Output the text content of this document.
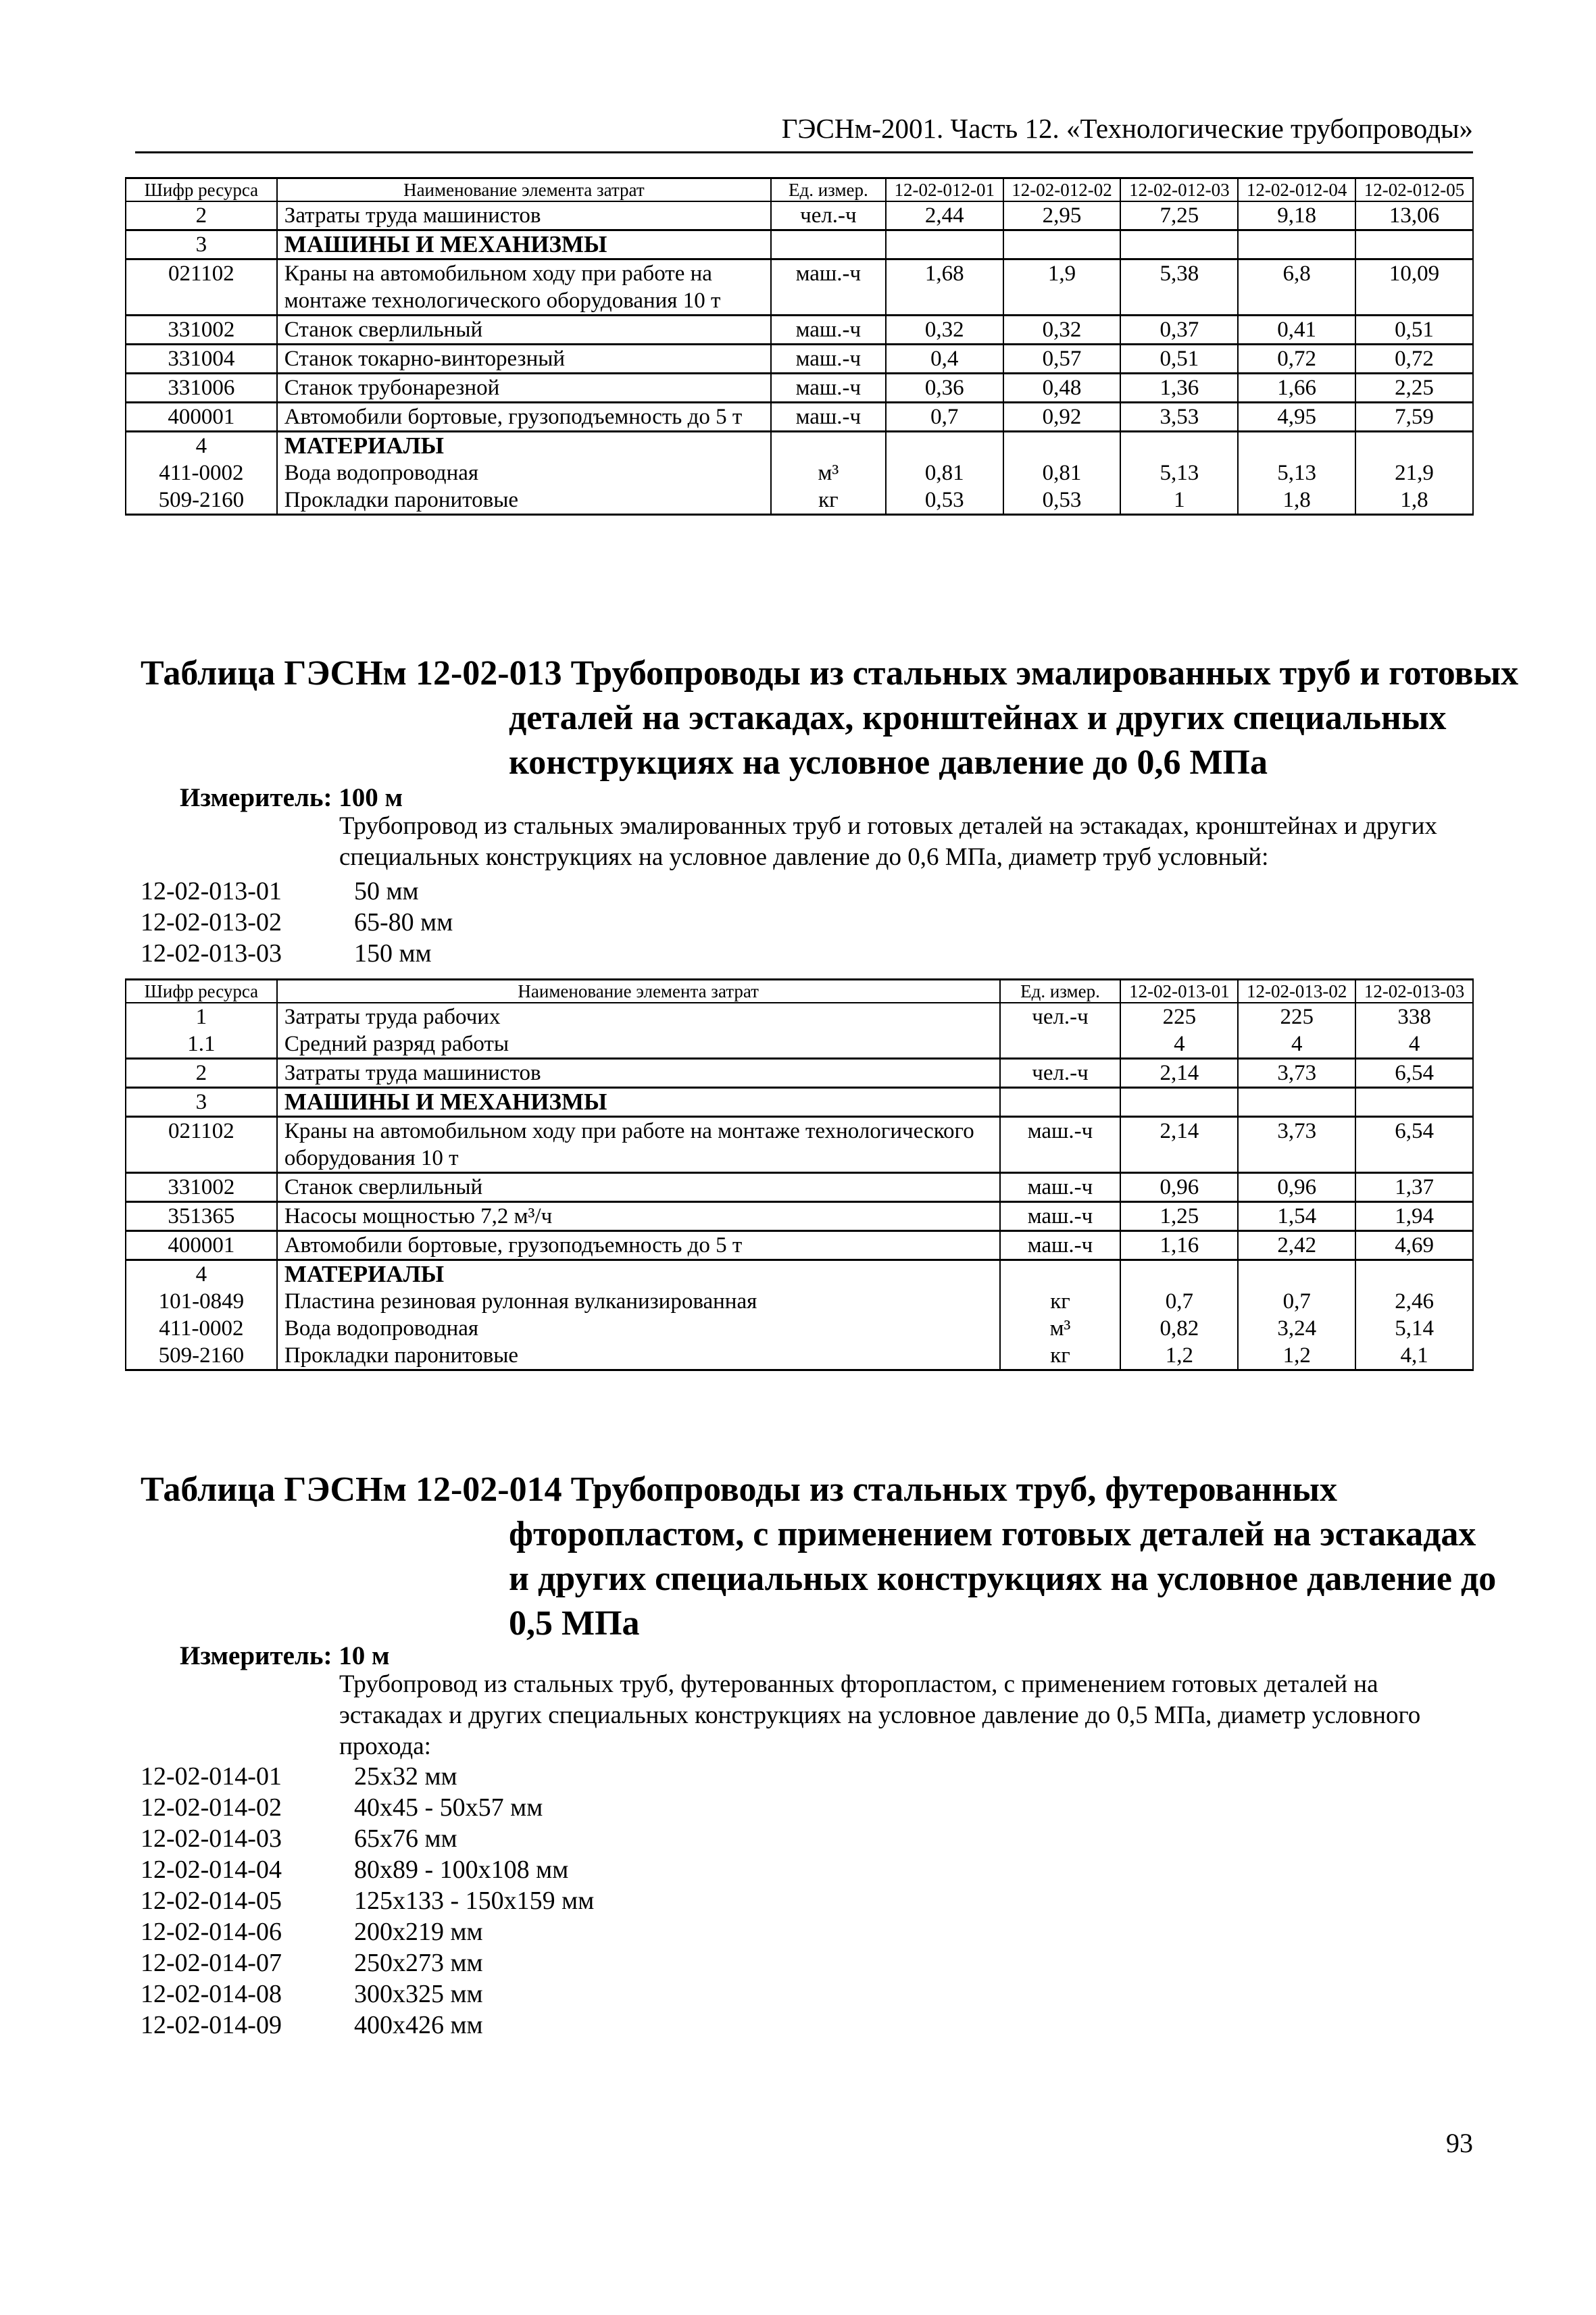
ГЭСНм-2001. Часть 12. «Технологические трубопроводы»
Шифр ресурса	Наименование элемента затрат	Ед. измер.	12-02-012-01	12-02-012-02	12-02-012-03	12-02-012-04	12-02-012-05
2	Затраты труда машинистов	чел.-ч	2,44	2,95	7,25	9,18	13,06
3	МАШИНЫ И МЕХАНИЗМЫ						
021102	Краны на автомобильном ходу при работе на монтаже технологического оборудования 10 т	маш.-ч	1,68	1,9	5,38	6,8	10,09
331002	Станок сверлильный	маш.-ч	0,32	0,32	0,37	0,41	0,51
331004	Станок токарно-винторезный	маш.-ч	0,4	0,57	0,51	0,72	0,72
331006	Станок трубонарезной	маш.-ч	0,36	0,48	1,36	1,66	2,25
400001	Автомобили бортовые, грузоподъемность до 5 т	маш.-ч	0,7	0,92	3,53	4,95	7,59
4	МАТЕРИАЛЫ						
411-0002	Вода водопроводная	м³	0,81	0,81	5,13	5,13	21,9
509-2160	Прокладки паронитовые	кг	0,53	0,53	1	1,8	1,8
Таблица ГЭСНм 12-02-013 Трубопроводы из стальных эмалированных труб и готовых
деталей на эстакадах, кронштейнах и других специальных
конструкциях на условное давление до 0,6 МПа
Измеритель: 100 м
Трубопровод из стальных эмалированных труб и готовых деталей на эстакадах, кронштейнах и других специальных конструкциях на условное давление до 0,6 МПа, диаметр труб условный:
12-02-013-01	50 мм
12-02-013-02	65-80 мм
12-02-013-03	150 мм
Шифр ресурса	Наименование элемента затрат	Ед. измер.	12-02-013-01	12-02-013-02	12-02-013-03
1	Затраты труда рабочих	чел.-ч	225	225	338
1.1	Средний разряд работы		4	4	4
2	Затраты труда машинистов	чел.-ч	2,14	3,73	6,54
3	МАШИНЫ И МЕХАНИЗМЫ				
021102	Краны на автомобильном ходу при работе на монтаже технологического оборудования 10 т	маш.-ч	2,14	3,73	6,54
331002	Станок сверлильный	маш.-ч	0,96	0,96	1,37
351365	Насосы мощностью 7,2 м³/ч	маш.-ч	1,25	1,54	1,94
400001	Автомобили бортовые, грузоподъемность до 5 т	маш.-ч	1,16	2,42	4,69
4	МАТЕРИАЛЫ				
101-0849	Пластина резиновая рулонная вулканизированная	кг	0,7	0,7	2,46
411-0002	Вода водопроводная	м³	0,82	3,24	5,14
509-2160	Прокладки паронитовые	кг	1,2	1,2	4,1
Таблица ГЭСНм 12-02-014 Трубопроводы из стальных труб, футерованных
фторопластом, с применением готовых деталей на эстакадах
и других специальных конструкциях на условное давление до
0,5 МПа
Измеритель: 10 м
Трубопровод из стальных труб, футерованных фторопластом, с применением готовых деталей на эстакадах и других специальных конструкциях на условное давление до 0,5 МПа, диаметр условного прохода:
12-02-014-01	25x32 мм
12-02-014-02	40x45 - 50x57 мм
12-02-014-03	65x76 мм
12-02-014-04	80x89 - 100x108 мм
12-02-014-05	125x133 - 150x159 мм
12-02-014-06	200x219 мм
12-02-014-07	250x273 мм
12-02-014-08	300x325 мм
12-02-014-09	400x426 мм
93
